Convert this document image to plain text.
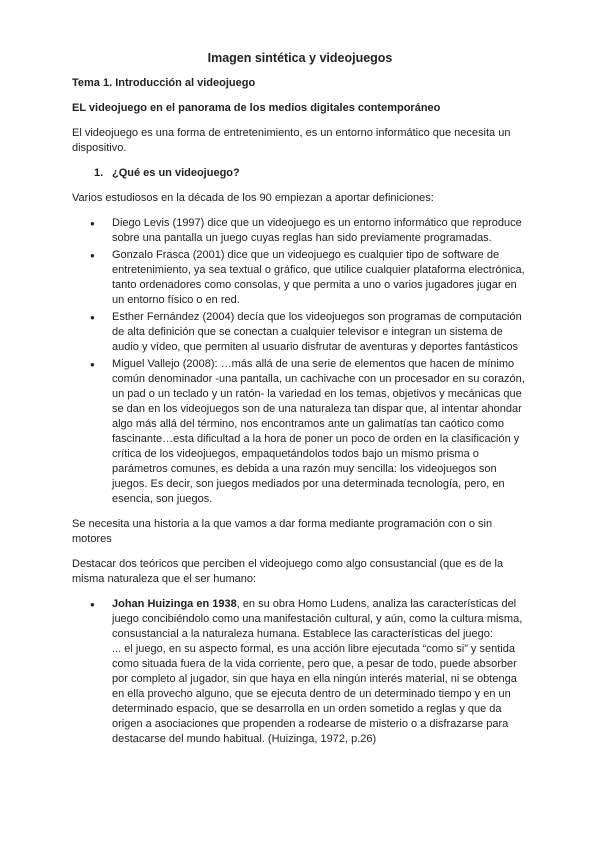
Imagen sintética y videojuegos
Tema 1. Introducción al videojuego
EL videojuego en el panorama de los medios digitales contemporáneo

El videojuego es una forma de entretenimiento, es un entorno informático que necesita un dispositivo.

1. ¿Qué es un videojuego?

Varios estudiosos en la década de los 90 empiezan a aportar definiciones:

●	Diego Levis (1997) dice que un videojuego es un entorno informático que reproduce sobre una pantalla un juego cuyas reglas han sido previamente programadas.
●	Gonzalo Frasca (2001) dice que un videojuego es cualquier tipo de software de entretenimiento, ya sea textual o gráfico, que utilice cualquier plataforma electrónica, tanto ordenadores como consolas, y que permita a uno o varios jugadores jugar en un entorno físico o en red.
●	Esther Fernández (2004) decía que los videojuegos son programas de computación de alta definición que se conectan a cualquier televisor e integran un sistema de audio y vídeo, que permiten al usuario disfrutar de aventuras y deportes fantásticos
●	Miguel Vallejo (2008): …más allá de una serie de elementos que hacen de mínimo común denominador -una pantalla, un cachivache con un procesador en su corazón, un pad o un teclado y un ratón- la variedad en los temas, objetivos y mecánicas que se dan en los videojuegos son de una naturaleza tan dispar que, al intentar ahondar algo más allá del término, nos encontramos ante un galimatías tan caótico como fascinante…esta dificultad a la hora de poner un poco de orden en la clasificación y crítica de los videojuegos, empaquetándolos todos bajo un mismo prisma o parámetros comunes, es debida a una razón muy sencilla: los videojuegos son juegos. Es decir, son juegos mediados por una determinada tecnología, pero, en esencia, son juegos.

Se necesita una historia a la que vamos a dar forma mediante programación con o sin motores

Destacar dos teóricos que perciben el videojuego como algo consustancial (que es de la misma naturaleza que el ser humano:

●	Johan Huizinga en 1938, en su obra Homo Ludens, analiza las características del juego concibiéndolo como una manifestación cultural, y aún, como la cultura misma, consustancial a la naturaleza humana. Establece las características del juego:
... el juego, en su aspecto formal, es una acción libre ejecutada “como si” y sentida como situada fuera de la vida corriente, pero que, a pesar de todo, puede absorber por completo al jugador, sin que haya en ella ningún interés material, ni se obtenga en ella provecho alguno, que se ejecuta dentro de un determinado tiempo y en un determinado espacio, que se desarrolla en un orden sometido a reglas y que da origen a asociaciones que propenden a rodearse de misterio o a disfrazarse para destacarse del mundo habitual. (Huizinga, 1972, p.26)
